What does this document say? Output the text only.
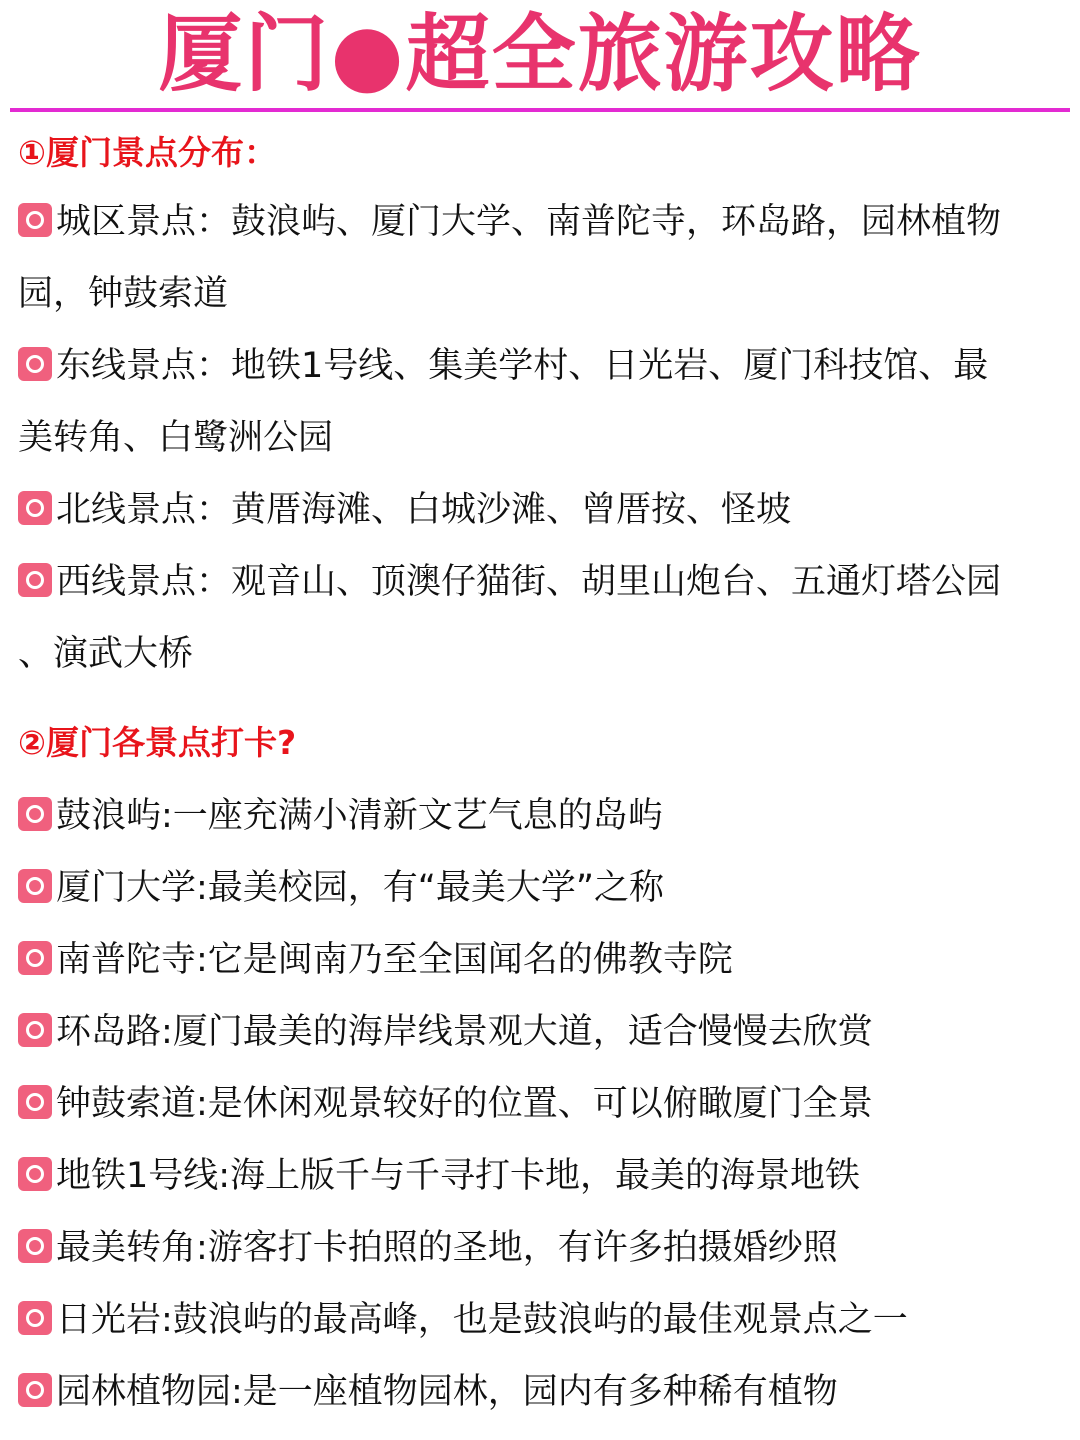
厦门●超全旅游攻略
①厦门景点分布：
城区景点：鼓浪屿、厦门大学、南普陀寺，环岛路，园林植物
园，钟鼓索道
东线景点：地铁1号线、集美学村、日光岩、厦门科技馆、最
美转角、白鹭洲公园
北线景点：黄厝海滩、白城沙滩、曾厝按、怪坡
西线景点：观音山、顶澳仔猫街、胡里山炮台、五通灯塔公园
、演武大桥
②厦门各景点打卡?
鼓浪屿:一座充满小清新文艺气息的岛屿
厦门大学:最美校园，有“最美大学”之称
南普陀寺:它是闽南乃至全国闻名的佛教寺院
环岛路:厦门最美的海岸线景观大道，适合慢慢去欣赏
钟鼓索道:是休闲观景较好的位置、可以俯瞰厦门全景
地铁1号线:海上版千与千寻打卡地，最美的海景地铁
最美转角:游客打卡拍照的圣地，有许多拍摄婚纱照
日光岩:鼓浪屿的最高峰，也是鼓浪屿的最佳观景点之一
园林植物园:是一座植物园林，园内有多种稀有植物
